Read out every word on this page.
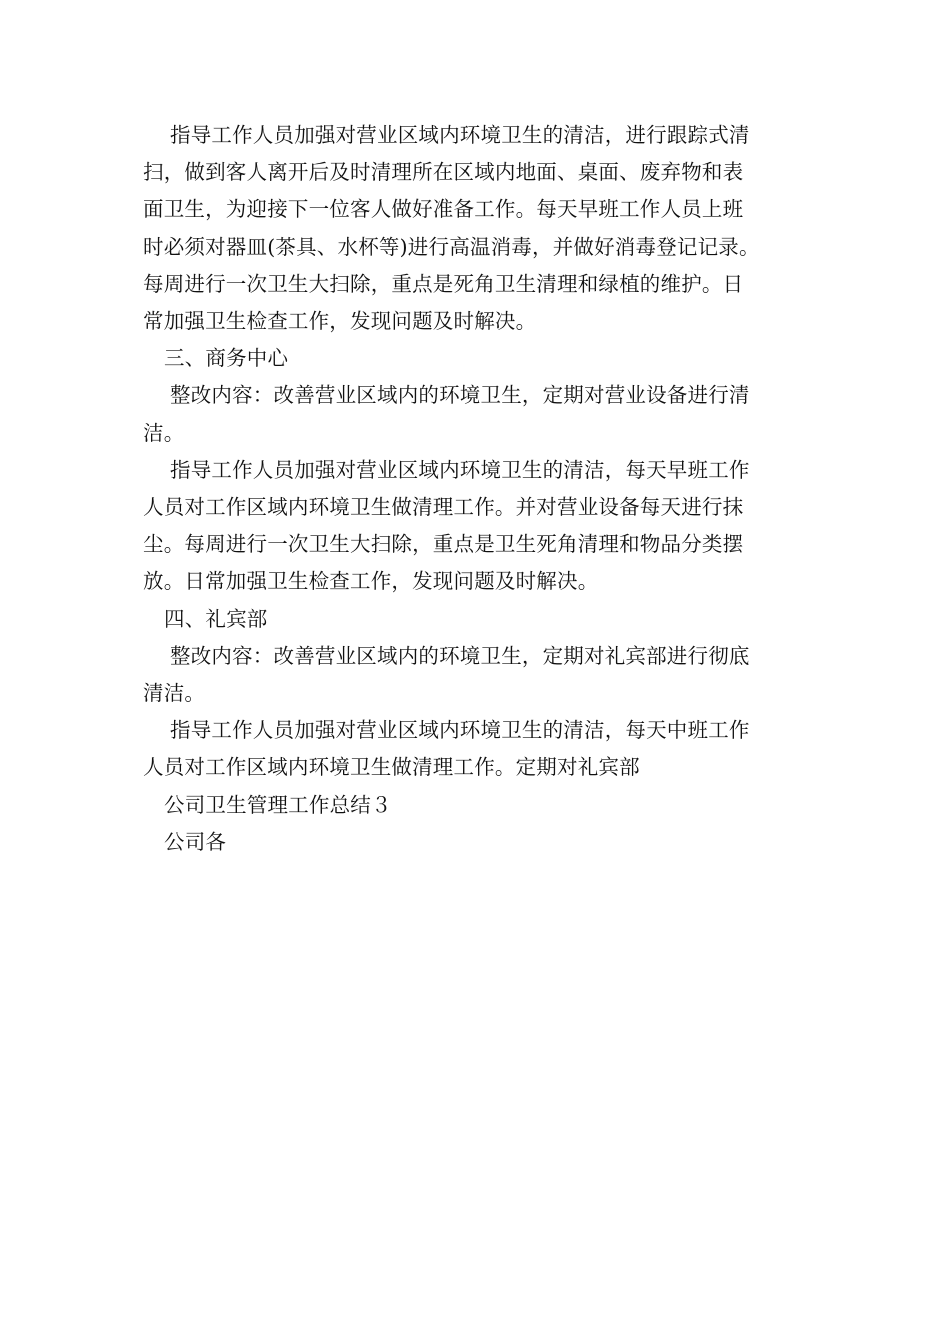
指导工作人员加强对营业区域内环境卫生的清洁，进行跟踪式清
扫，做到客人离开后及时清理所在区域内地面、桌面、废弃物和表
面卫生，为迎接下一位客人做好准备工作。每天早班工作人员上班
时必须对器皿(茶具、水杯等)进行高温消毒，并做好消毒登记记录。
每周进行一次卫生大扫除，重点是死角卫生清理和绿植的维护。日
常加强卫生检查工作，发现问题及时解决。

三、商务中心

整改内容：改善营业区域内的环境卫生，定期对营业设备进行清
洁。

指导工作人员加强对营业区域内环境卫生的清洁，每天早班工作
人员对工作区域内环境卫生做清理工作。并对营业设备每天进行抹
尘。每周进行一次卫生大扫除，重点是卫生死角清理和物品分类摆
放。日常加强卫生检查工作，发现问题及时解决。

四、礼宾部

整改内容：改善营业区域内的环境卫生，定期对礼宾部进行彻底
清洁。

指导工作人员加强对营业区域内环境卫生的清洁，每天中班工作
人员对工作区域内环境卫生做清理工作。定期对礼宾部

公司卫生管理工作总结３

公司各
